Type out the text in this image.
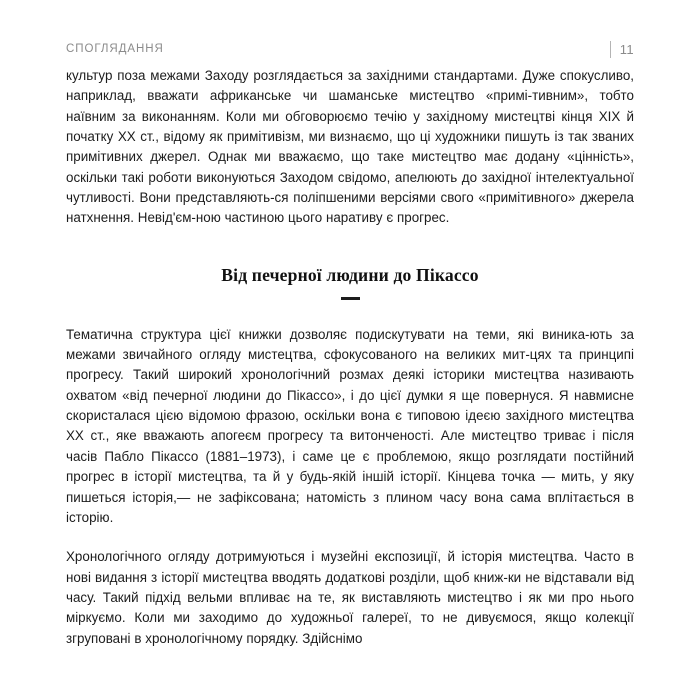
СПОГЛЯДАННЯ	11

культур поза межами Заходу розглядається за західними стандартами. Дуже спокусливо, наприклад, вважати африканське чи шаманське мистецтво «примі-тивним», тобто наївним за виконанням. Коли ми обговорюємо течію у західному мистецтві кінця XIX й початку XX ст., відому як примітивізм, ми визнаємо, що ці художники пишуть із так званих примітивних джерел. Однак ми вважаємо, що таке мистецтво має додану «цінність», оскільки такі роботи виконуються Заходом свідомо, апелюють до західної інтелектуальної чутливості. Вони представляють-ся поліпшеними версіями свого «примітивного» джерела натхнення. Невід'єм-ною частиною цього наративу є прогрес.

Від печерної людини до Пікассо

Тематична структура цієї книжки дозволяє подискутувати на теми, які виника-ють за межами звичайного огляду мистецтва, сфокусованого на великих мит-цях та принципі прогресу. Такий широкий хронологічний розмах деякі історики мистецтва називають охватом «від печерної людини до Пікассо», і до цієї думки я ще повернуся. Я навмисне скористалася цією відомою фразою, оскільки вона є типовою ідеєю західного мистецтва XX ст., яке вважають апогеєм прогресу та витонченості. Але мистецтво триває і після часів Пабло Пікассо (1881–1973), і саме це є проблемою, якщо розглядати постійний прогрес в історії мистецтва, та й у будь-якій іншій історії. Кінцева точка — мить, у яку пишеться історія,— не зафіксована; натомість з плином часу вона сама вплітається в історію.

Хронологічного огляду дотримуються і музейні експозиції, й історія мистецтва. Часто в нові видання з історії мистецтва вводять додаткові розділи, щоб книж-ки не відставали від часу. Такий підхід вельми впливає на те, як виставляють мистецтво і як ми про нього міркуємо. Коли ми заходимо до художньої галереї, то не дивуємося, якщо колекції згруповані в хронологічному порядку. Здійснімо
